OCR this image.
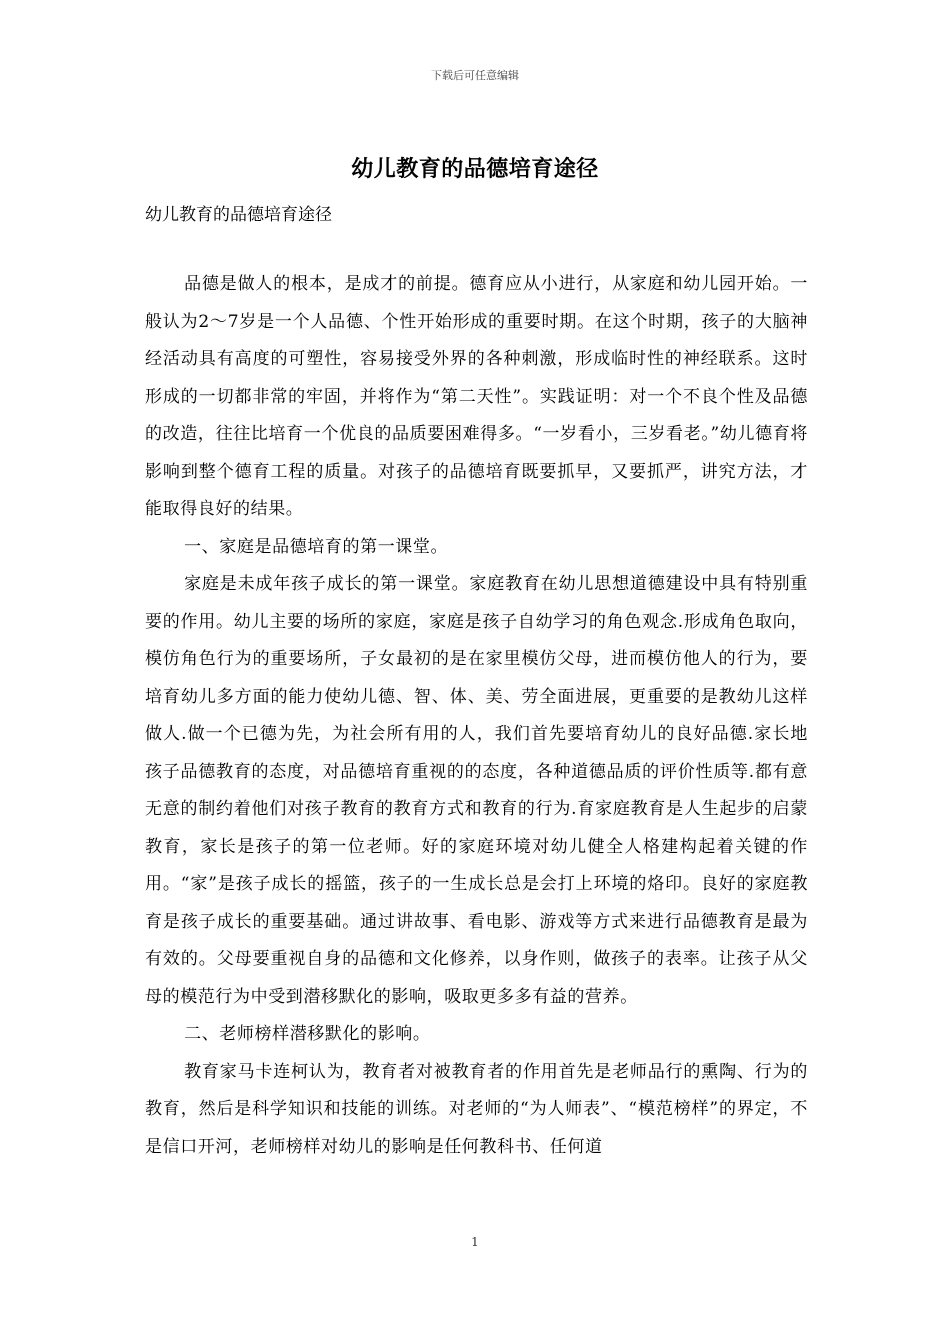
下载后可任意编辑
幼儿教育的品德培育途径
幼儿教育的品德培育途径

品德是做人的根本，是成才的前提。德育应从小进行，从家庭和幼儿园开始。一般认为2～7岁是一个人品德、个性开始形成的重要时期。在这个时期，孩子的大脑神经活动具有高度的可塑性，容易接受外界的各种刺激，形成临时性的神经联系。这时形成的一切都非常的牢固，并将作为“第二天性”。实践证明：对一个不良个性及品德的改造，往往比培育一个优良的品质要困难得多。“一岁看小，三岁看老。”幼儿德育将影响到整个德育工程的质量。对孩子的品德培育既要抓早，又要抓严，讲究方法，才能取得良好的结果。

一、家庭是品德培育的第一课堂。

家庭是未成年孩子成长的第一课堂。家庭教育在幼儿思想道德建设中具有特别重要的作用。幼儿主要的场所的家庭，家庭是孩子自幼学习的角色观念.形成角色取向，模仿角色行为的重要场所，子女最初的是在家里模仿父母，进而模仿他人的行为，要培育幼儿多方面的能力使幼儿德、智、体、美、劳全面进展，更重要的是教幼儿这样做人.做一个已德为先，为社会所有用的人，我们首先要培育幼儿的良好品德.家长地孩子品德教育的态度，对品德培育重视的的态度，各种道德品质的评价性质等.都有意无意的制约着他们对孩子教育的教育方式和教育的行为.育家庭教育是人生起步的启蒙教育，家长是孩子的第一位老师。好的家庭环境对幼儿健全人格建构起着关键的作用。“家”是孩子成长的摇篮，孩子的一生成长总是会打上环境的烙印。良好的家庭教育是孩子成长的重要基础。通过讲故事、看电影、游戏等方式来进行品德教育是最为有效的。父母要重视自身的品德和文化修养，以身作则，做孩子的表率。让孩子从父母的模范行为中受到潜移默化的影响，吸取更多多有益的营养。

二、老师榜样潜移默化的影响。

教育家马卡连柯认为，教育者对被教育者的作用首先是老师品行的熏陶、行为的教育，然后是科学知识和技能的训练。对老师的“为人师表”、“模范榜样”的界定，不是信口开河，老师榜样对幼儿的影响是任何教科书、任何道

1
